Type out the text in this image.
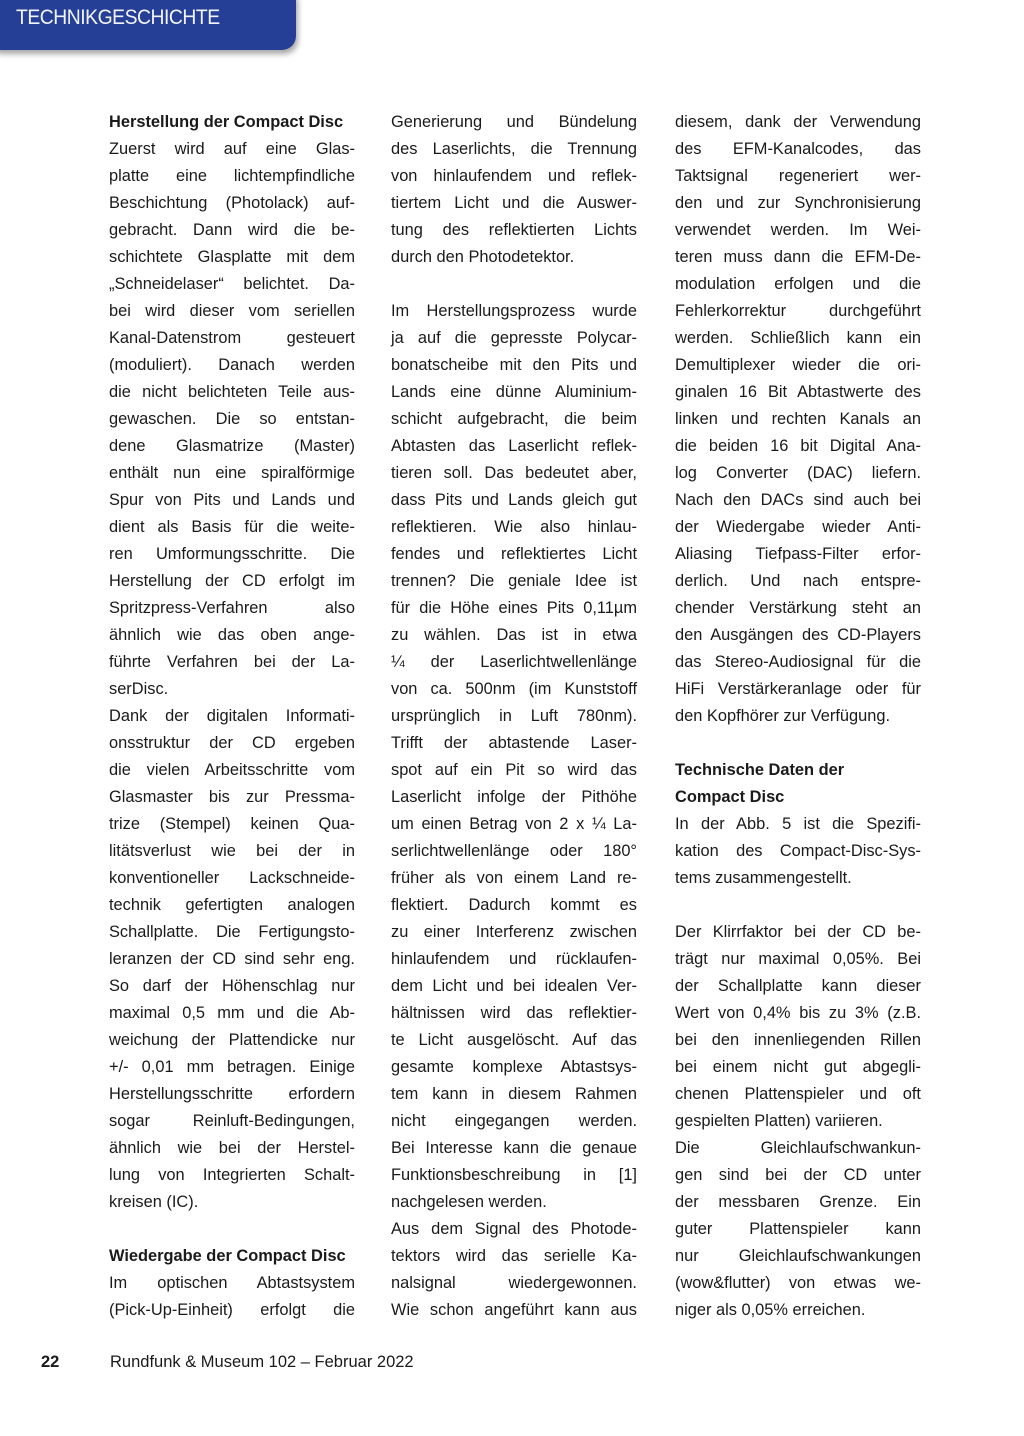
TECHNIKGESCHICHTE
Herstellung der Compact Disc
Zuerst wird auf eine Glas-
platte eine lichtempfindliche
Beschichtung (Photolack) auf-
gebracht. Dann wird die be-
schichtete Glasplatte mit dem
„Schneidelaser“ belichtet. Da-
bei wird dieser vom seriellen
Kanal-Datenstrom gesteuert
(moduliert). Danach werden
die nicht belichteten Teile aus-
gewaschen. Die so entstan-
dene Glasmatrize (Master)
enthält nun eine spiralförmige
Spur von Pits und Lands und
dient als Basis für die weite-
ren Umformungsschritte. Die
Herstellung der CD erfolgt im
Spritzpress-Verfahren also
ähnlich wie das oben ange-
führte Verfahren bei der La-
serDisc.
Dank der digitalen Informati-
onsstruktur der CD ergeben
die vielen Arbeitsschritte vom
Glasmaster bis zur Pressma-
trize (Stempel) keinen Qua-
litätsverlust wie bei der in
konventioneller Lackschneide-
technik gefertigten analogen
Schallplatte. Die Fertigungsto-
leranzen der CD sind sehr eng.
So darf der Höhenschlag nur
maximal 0,5 mm und die Ab-
weichung der Plattendicke nur
+/- 0,01 mm betragen. Einige
Herstellungsschritte erfordern
sogar Reinluft-Bedingungen,
ähnlich wie bei der Herstel-
lung von Integrierten Schalt-
kreisen (IC).
Wiedergabe der Compact Disc
Im optischen Abtastsystem
(Pick-Up-Einheit) erfolgt die
Generierung und Bündelung
des Laserlichts, die Trennung
von hinlaufendem und reflek-
tiertem Licht und die Auswer-
tung des reflektierten Lichts
durch den Photodetektor.
Im Herstellungsprozess wurde
ja auf die gepresste Polycar-
bonatscheibe mit den Pits und
Lands eine dünne Aluminium-
schicht aufgebracht, die beim
Abtasten das Laserlicht reflek-
tieren soll. Das bedeutet aber,
dass Pits und Lands gleich gut
reflektieren. Wie also hinlau-
fendes und reflektiertes Licht
trennen? Die geniale Idee ist
für die Höhe eines Pits 0,11µm
zu wählen. Das ist in etwa
¼ der Laserlichtwellenlänge
von ca. 500nm (im Kunststoff
ursprünglich in Luft 780nm).
Trifft der abtastende Laser-
spot auf ein Pit so wird das
Laserlicht infolge der Pithöhe
um einen Betrag von 2 x ¼ La-
serlichtwellenlänge oder 180°
früher als von einem Land re-
flektiert. Dadurch kommt es
zu einer Interferenz zwischen
hinlaufendem und rücklaufen-
dem Licht und bei idealen Ver-
hältnissen wird das reflektier-
te Licht ausgelöscht. Auf das
gesamte komplexe Abtastsys-
tem kann in diesem Rahmen
nicht eingegangen werden.
Bei Interesse kann die genaue
Funktionsbeschreibung in [1]
nachgelesen werden.
Aus dem Signal des Photode-
tektors wird das serielle Ka-
nalsignal wiedergewonnen.
Wie schon angeführt kann aus
diesem, dank der Verwendung
des EFM-Kanalcodes, das
Taktsignal regeneriert wer-
den und zur Synchronisierung
verwendet werden. Im Wei-
teren muss dann die EFM-De-
modulation erfolgen und die
Fehlerkorrektur durchgeführt
werden. Schließlich kann ein
Demultiplexer wieder die ori-
ginalen 16 Bit Abtastwerte des
linken und rechten Kanals an
die beiden 16 bit Digital Ana-
log Converter (DAC) liefern.
Nach den DACs sind auch bei
der Wiedergabe wieder Anti-
Aliasing Tiefpass-Filter erfor-
derlich. Und nach entspre-
chender Verstärkung steht an
den Ausgängen des CD-Players
das Stereo-Audiosignal für die
HiFi Verstärkeranlage oder für
den Kopfhörer zur Verfügung.
Technische Daten der
Compact Disc
In der Abb. 5 ist die Spezifi-
kation des Compact-Disc-Sys-
tems zusammengestellt.
Der Klirrfaktor bei der CD be-
trägt nur maximal 0,05%. Bei
der Schallplatte kann dieser
Wert von 0,4% bis zu 3% (z.B.
bei den innenliegenden Rillen
bei einem nicht gut abgegli-
chenen Plattenspieler und oft
gespielten Platten) variieren.
Die Gleichlaufschwankun-
gen sind bei der CD unter
der messbaren Grenze. Ein
guter Plattenspieler kann
nur Gleichlaufschwankungen
(wow&flutter) von etwas we-
niger als 0,05% erreichen.
22	Rundfunk & Museum 102 – Februar 2022
